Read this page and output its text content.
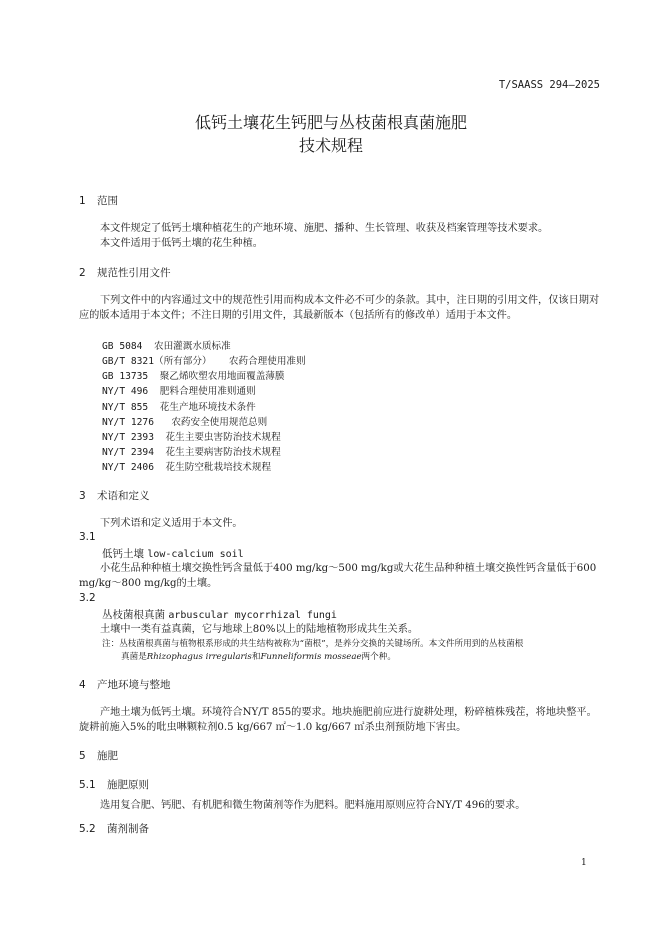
T/SAASS 294—2025
低钙土壤花生钙肥与丛枝菌根真菌施肥
技术规程
1 范围
本文件规定了低钙土壤种植花生的产地环境、施肥、播种、生长管理、收获及档案管理等技术要求。
本文件适用于低钙土壤的花生种植。
2 规范性引用文件
下列文件中的内容通过文中的规范性引用而构成本文件必不可少的条款。其中，注日期的引用文件，仅该日期对应的版本适用于本文件；不注日期的引用文件，其最新版本（包括所有的修改单）适用于本文件。
GB 5084 农田灌溉水质标准
GB/T 8321（所有部分） 农药合理使用准则
GB 13735 聚乙烯吹塑农用地面覆盖薄膜
NY/T 496 肥料合理使用准则通则
NY/T 855 花生产地环境技术条件
NY/T 1276 农药安全使用规范总则
NY/T 2393 花生主要虫害防治技术规程
NY/T 2394 花生主要病害防治技术规程
NY/T 2406 花生防空秕栽培技术规程
3 术语和定义
下列术语和定义适用于本文件。
3.1
低钙土壤 low-calcium soil
小花生品种种植土壤交换性钙含量低于400 mg/kg～500 mg/kg或大花生品种种植土壤交换性钙含量低于600 mg/kg～800 mg/kg的土壤。
3.2
丛枝菌根真菌 arbuscular mycorrhizal fungi
土壤中一类有益真菌，它与地球上80%以上的陆地植物形成共生关系。
注：丛枝菌根真菌与植物根系形成的共生结构被称为“菌根”，是养分交换的关键场所。本文件所用到的丛枝菌根
真菌是Rhizophagus irregularis和Funneliformis mosseae两个种。
4 产地环境与整地
产地土壤为低钙土壤。环境符合NY/T 855的要求。地块施肥前应进行旋耕处理，粉碎植株残茬，将地块整平。旋耕前施入5%的吡虫啉颗粒剂0.5 kg/667 ㎡～1.0 kg/667 ㎡杀虫剂预防地下害虫。
5 施肥
5.1 施肥原则
选用复合肥、钙肥、有机肥和微生物菌剂等作为肥料。肥料施用原则应符合NY/T 496的要求。
5.2 菌剂制备
1
